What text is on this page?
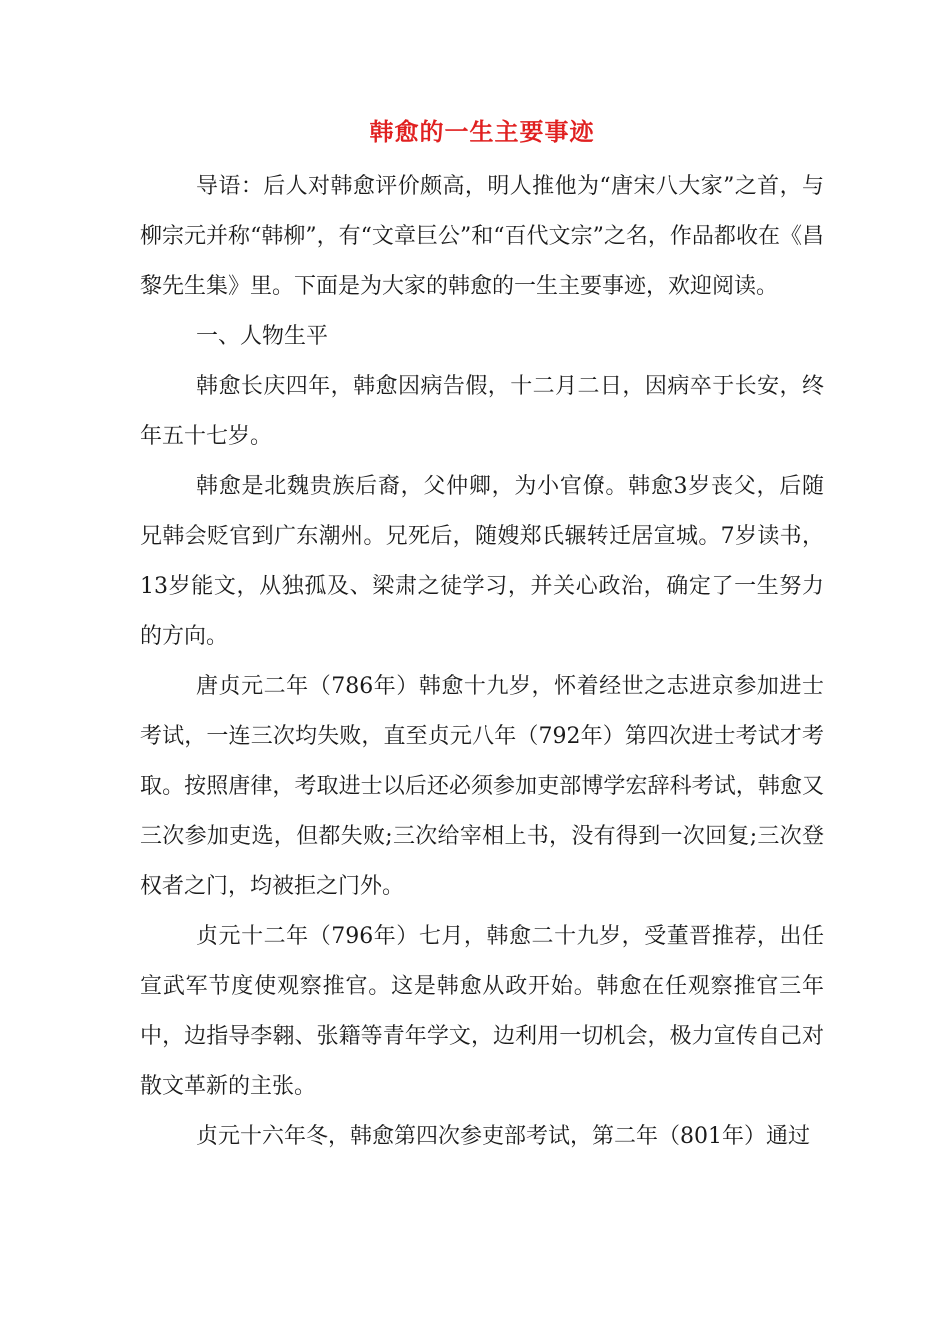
韩愈的一生主要事迹

导语：后人对韩愈评价颇高，明人推他为“唐宋八大家”之首，与柳宗元并称“韩柳”，有“文章巨公”和“百代文宗”之名，作品都收在《昌黎先生集》里。下面是为大家的韩愈的一生主要事迹，欢迎阅读。

一、人物生平

韩愈长庆四年，韩愈因病告假，十二月二日，因病卒于长安，终年五十七岁。

韩愈是北魏贵族后裔，父仲卿，为小官僚。韩愈3岁丧父，后随兄韩会贬官到广东潮州。兄死后，随嫂郑氏辗转迁居宣城。7岁读书，13岁能文，从独孤及、梁肃之徒学习，并关心政治，确定了一生努力的方向。

唐贞元二年（786年）韩愈十九岁，怀着经世之志进京参加进士考试，一连三次均失败，直至贞元八年（792年）第四次进士考试才考取。按照唐律，考取进士以后还必须参加吏部博学宏辞科考试，韩愈又三次参加吏选，但都失败;三次给宰相上书，没有得到一次回复;三次登权者之门，均被拒之门外。

贞元十二年（796年）七月，韩愈二十九岁，受董晋推荐，出任宣武军节度使观察推官。这是韩愈从政开始。韩愈在任观察推官三年中，边指导李翱、张籍等青年学文，边利用一切机会，极力宣传自己对散文革新的主张。

贞元十六年冬，韩愈第四次参吏部考试，第二年（801年）通过
